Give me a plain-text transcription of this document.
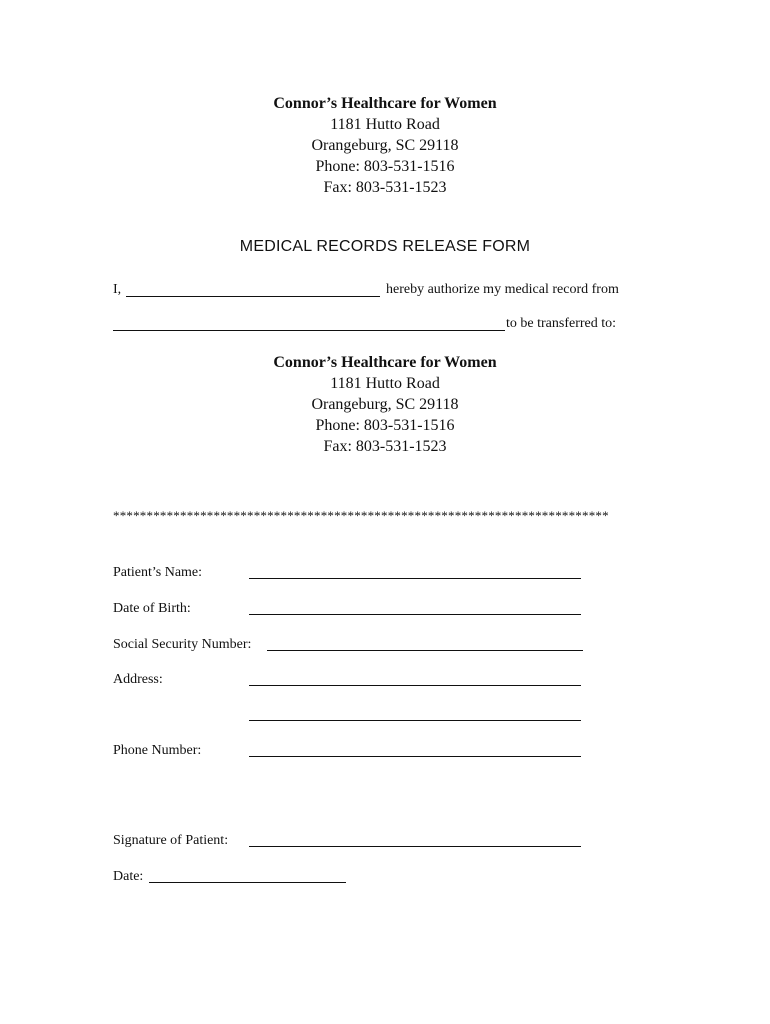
Connor’s Healthcare for Women
1181 Hutto Road
Orangeburg, SC 29118
Phone: 803-531-1516
Fax: 803-531-1523
MEDICAL RECORDS RELEASE FORM
I,	hereby authorize my medical record from
to be transferred to:
Connor’s Healthcare for Women
1181 Hutto Road
Orangeburg, SC 29118
Phone: 803-531-1516
Fax: 803-531-1523
**************************************************************************
Patient’s Name:
Date of Birth:
Social Security Number:
Address:
Phone Number:
Signature of Patient:
Date:
